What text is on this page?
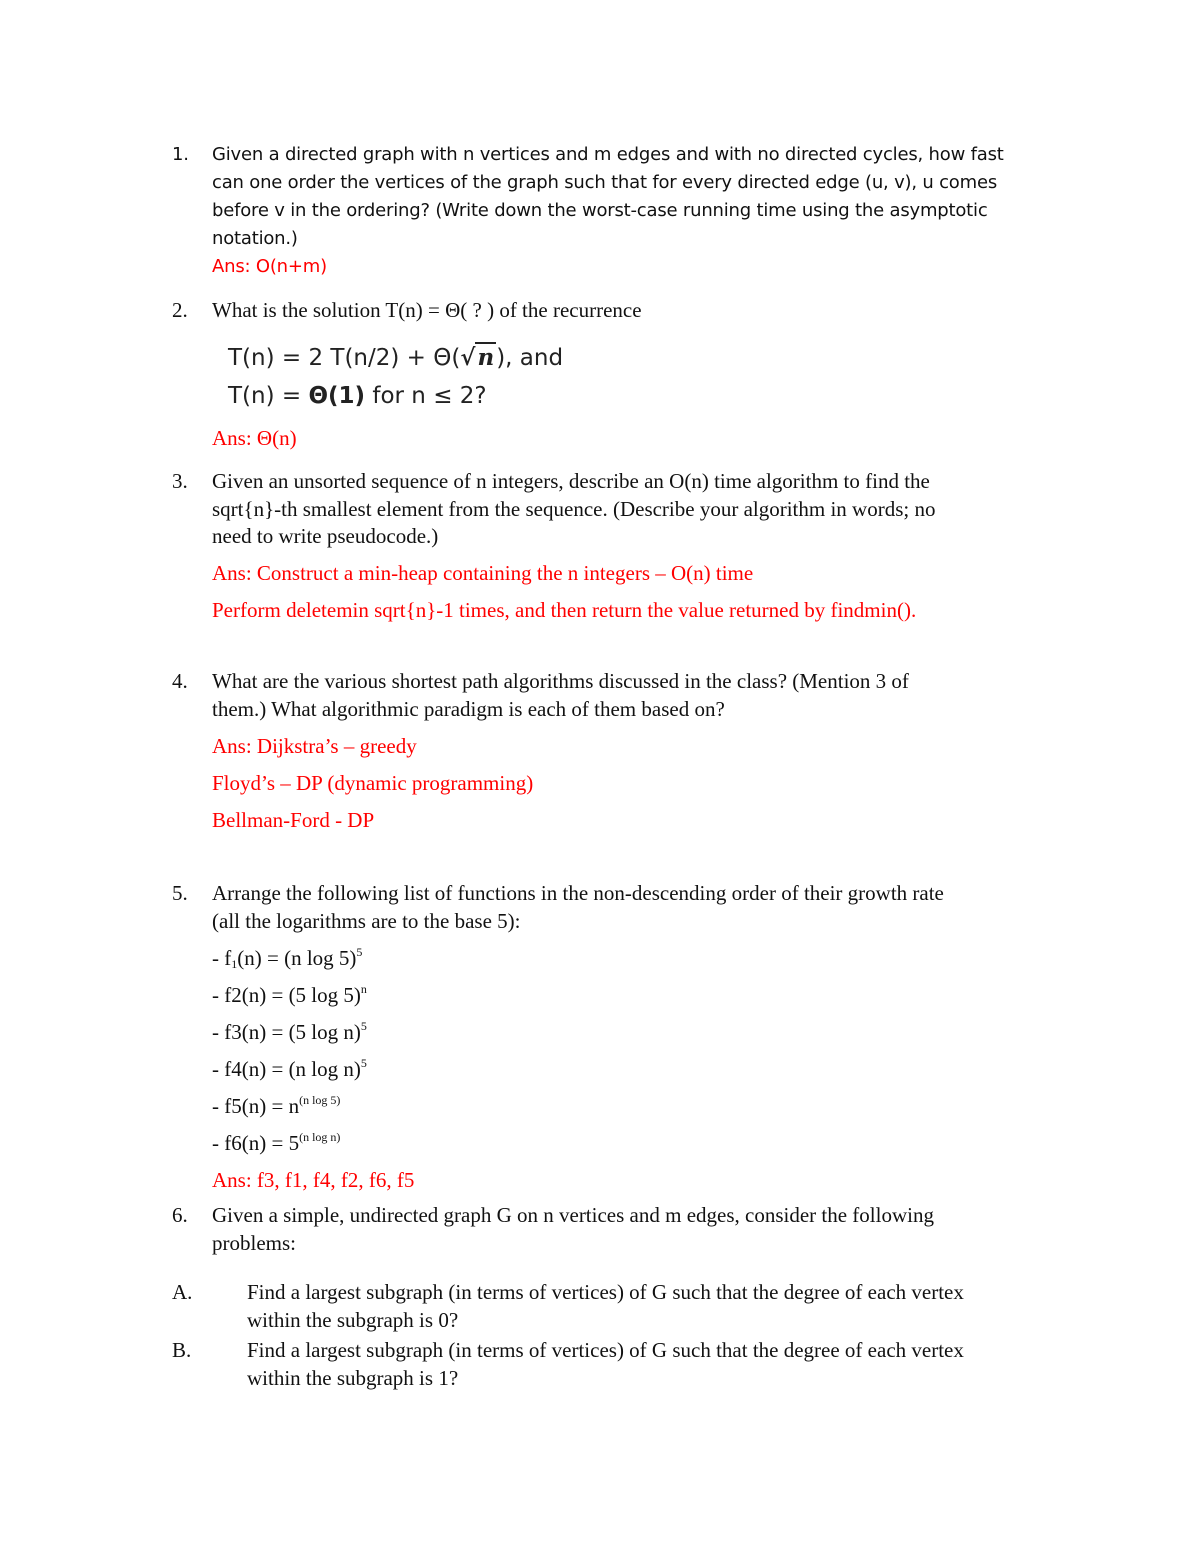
1. Given a directed graph with n vertices and m edges and with no directed cycles, how fast
can one order the vertices of the graph such that for every directed edge (u, v), u comes
before v in the ordering? (Write down the worst-case running time using the asymptotic
notation.)
Ans: O(n+m)
2. What is the solution T(n) = Θ( ? ) of the recurrence
T(n) = 2 T(n/2) + Θ(√n), and
T(n) = Θ(1) for n ≤ 2?
Ans: Θ(n)
3. Given an unsorted sequence of n integers, describe an O(n) time algorithm to find the
sqrt{n}-th smallest element from the sequence. (Describe your algorithm in words; no
need to write pseudocode.)
Ans: Construct a min-heap containing the n integers – O(n) time
Perform deletemin sqrt{n}-1 times, and then return the value returned by findmin().
4. What are the various shortest path algorithms discussed in the class? (Mention 3 of
them.) What algorithmic paradigm is each of them based on?
Ans: Dijkstra’s – greedy
Floyd’s – DP (dynamic programming)
Bellman-Ford - DP
5. Arrange the following list of functions in the non-descending order of their growth rate
(all the logarithms are to the base 5):
- $f_1(n) = (n$ log 5)$^5$
- f2(n) = (5 log 5)$^n$
- f3(n) = (5 log n)$^5$
- f4(n) = (n log n)$^5$
- $f5(n) = n^{(n log 5)}$
- $f6(n) = 5^{(n log n)}$
Ans: f3, f1, f4, f2, f6, f5
6. Given a simple, undirected graph G on n vertices and m edges, consider the following
problems:
A.	Find a largest subgraph (in terms of vertices) of G such that the degree of each vertex
within the subgraph is 0?
B.	Find a largest subgraph (in terms of vertices) of G such that the degree of each vertex
within the subgraph is 1?
